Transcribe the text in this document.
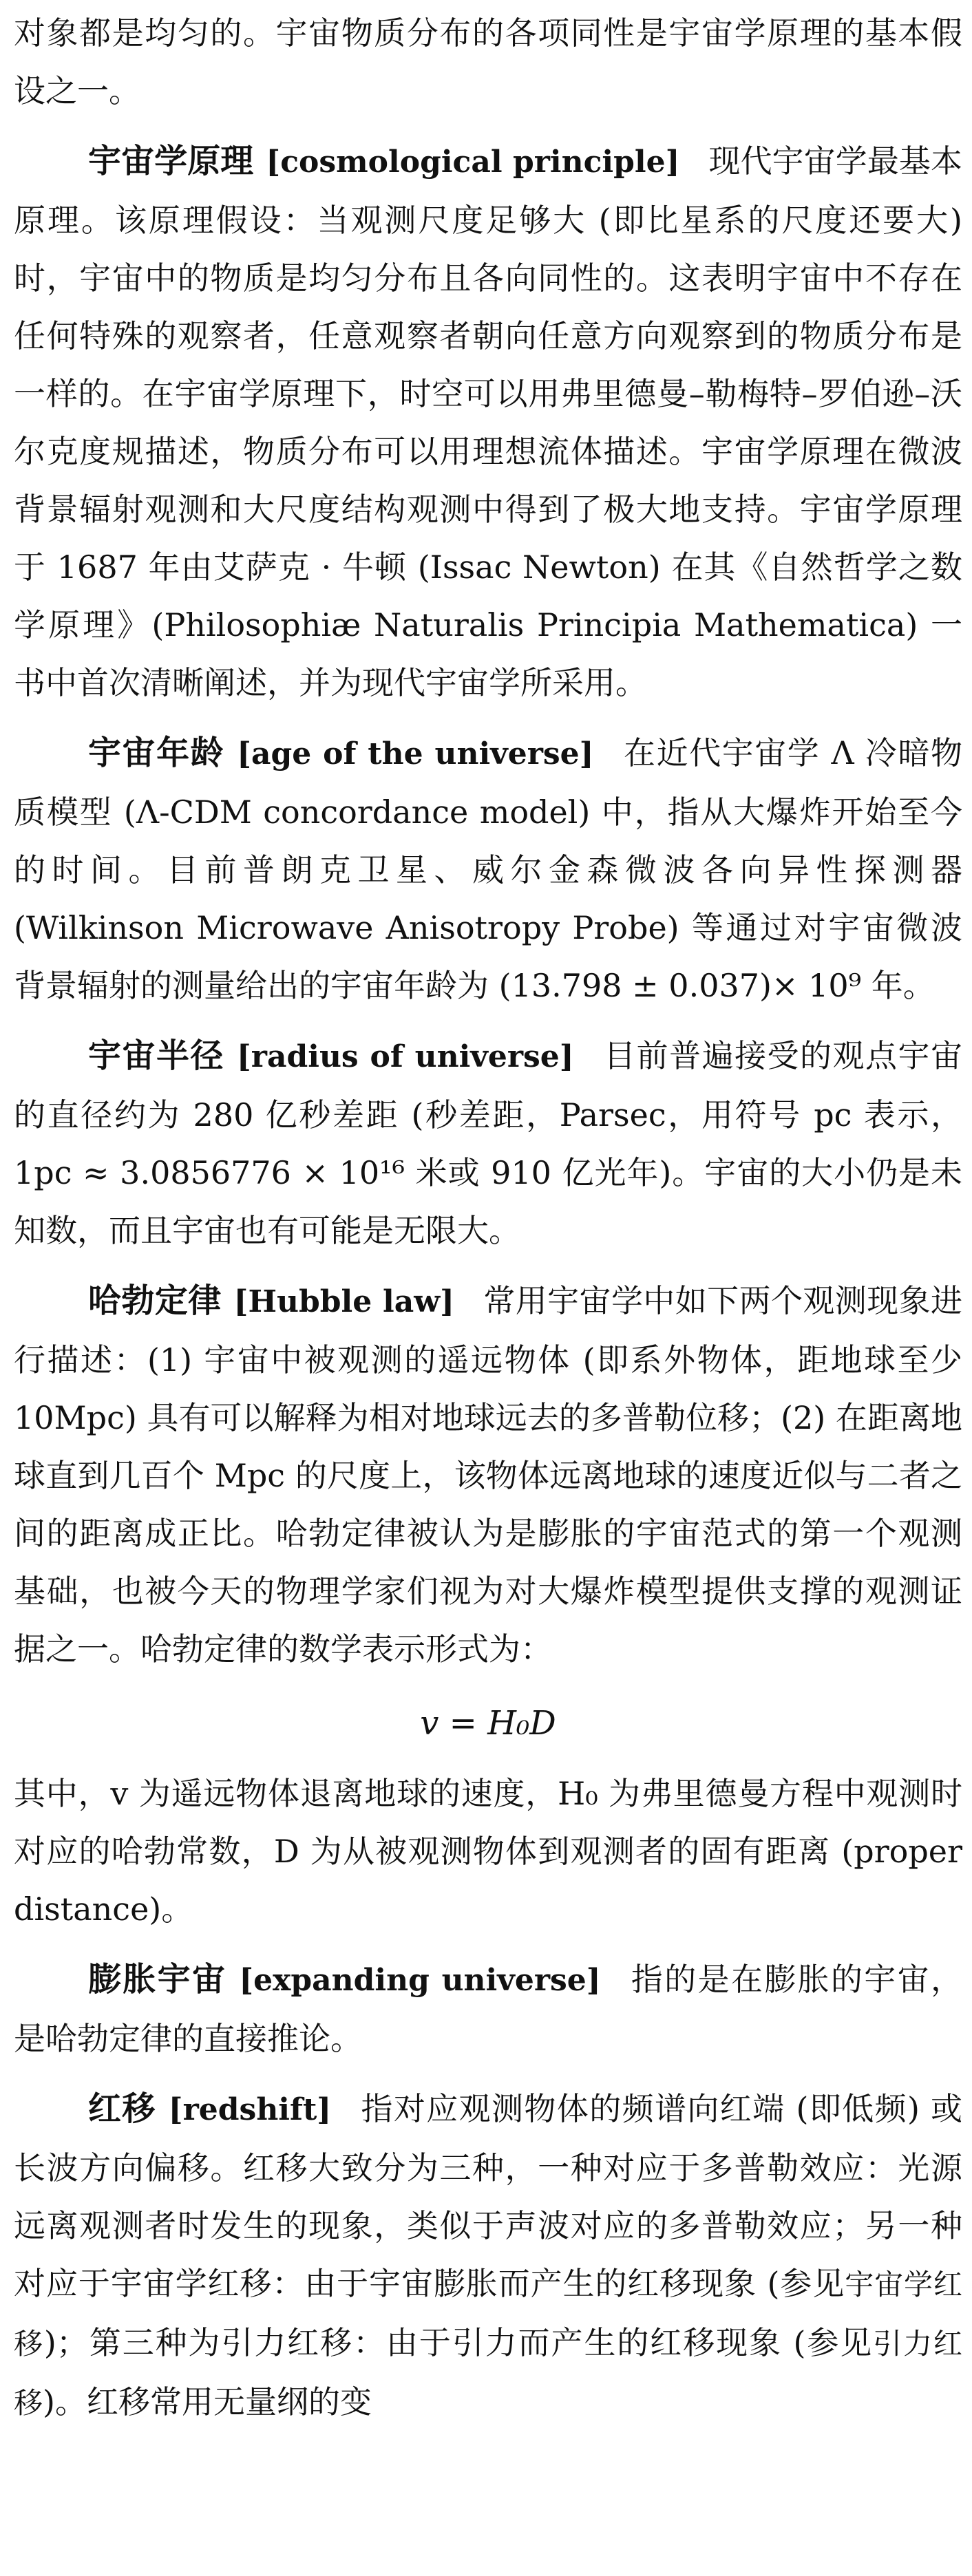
对象都是均匀的。宇宙物质分布的各项同性是宇宙学原理的基本假设之一。

宇宙学原理 [cosmological principle] 现代宇宙学最基本原理。该原理假设：当观测尺度足够大 (即比星系的尺度还要大) 时，宇宙中的物质是均匀分布且各向同性的。这表明宇宙中不存在任何特殊的观察者，任意观察者朝向任意方向观察到的物质分布是一样的。在宇宙学原理下，时空可以用弗里德曼–勒梅特–罗伯逊–沃尔克度规描述，物质分布可以用理想流体描述。宇宙学原理在微波背景辐射观测和大尺度结构观测中得到了极大地支持。宇宙学原理于 1687 年由艾萨克 · 牛顿 (Issac Newton) 在其《自然哲学之数学原理》(Philosophiæ Naturalis Principia Mathematica) 一书中首次清晰阐述，并为现代宇宙学所采用。

宇宙年龄 [age of the universe] 在近代宇宙学 Λ 冷暗物质模型 (Λ-CDM concordance model) 中，指从大爆炸开始至今的时间。目前普朗克卫星、威尔金森微波各向异性探测器 (Wilkinson Microwave Anisotropy Probe) 等通过对宇宙微波背景辐射的测量给出的宇宙年龄为 (13.798 ± 0.037)× 10⁹ 年。

宇宙半径 [radius of universe] 目前普遍接受的观点宇宙的直径约为 280 亿秒差距 (秒差距，Parsec，用符号 pc 表示，1pc ≈ 3.0856776 × 10¹⁶ 米或 910 亿光年)。宇宙的大小仍是未知数，而且宇宙也有可能是无限大。

哈勃定律 [Hubble law] 常用宇宙学中如下两个观测现象进行描述：(1) 宇宙中被观测的遥远物体 (即系外物体，距地球至少 10Mpc) 具有可以解释为相对地球远去的多普勒位移；(2) 在距离地球直到几百个 Mpc 的尺度上，该物体远离地球的速度近似与二者之间的距离成正比。哈勃定律被认为是膨胀的宇宙范式的第一个观测基础，也被今天的物理学家们视为对大爆炸模型提供支撑的观测证据之一。哈勃定律的数学表示形式为：

v = H₀D

其中，v 为遥远物体退离地球的速度，H₀ 为弗里德曼方程中观测时对应的哈勃常数，D 为从被观测物体到观测者的固有距离 (proper distance)。

膨胀宇宙 [expanding universe] 指的是在膨胀的宇宙，是哈勃定律的直接推论。

红移 [redshift] 指对应观测物体的频谱向红端 (即低频) 或长波方向偏移。红移大致分为三种，一种对应于多普勒效应：光源远离观测者时发生的现象，类似于声波对应的多普勒效应；另一种对应于宇宙学红移：由于宇宙膨胀而产生的红移现象 (参见宇宙学红移)；第三种为引力红移：由于引力而产生的红移现象 (参见引力红移)。红移常用无量纲的变
